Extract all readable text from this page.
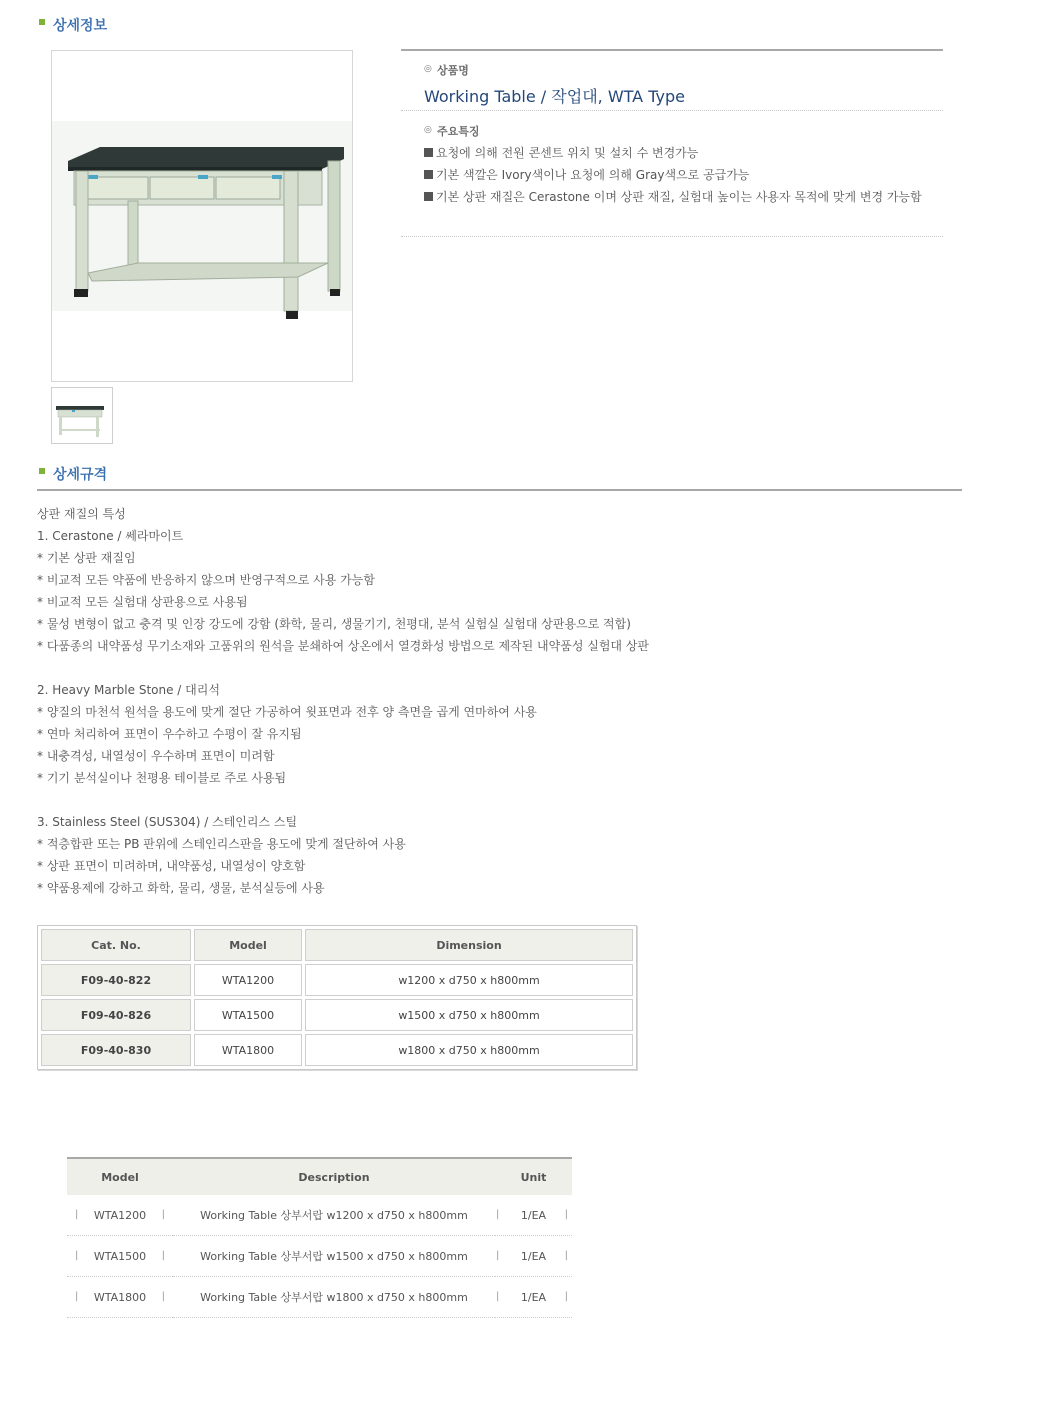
상세정보
◎ 상품명
Working Table / 작업대, WTA Type
◎ 주요특징
요청에 의해 전원 콘센트 위치 및 설치 수 변경가능
기본 색깔은 Ivory색이나 요청에 의해 Gray색으로 공급가능
기본 상판 재질은 Cerastone 이며 상판 재질, 실험대 높이는 사용자 목적에 맞게 변경 가능함
상세규격
상판 재질의 특성
1. Cerastone / 쎄라마이트
* 기본 상판 재질임
* 비교적 모든 약품에 반응하지 않으며 반영구적으로 사용 가능함
* 비교적 모든 실험대 상판용으로 사용됨
* 물성 변형이 없고 충격 및 인장 강도에 강함 (화학, 물리, 생물기기, 천평대, 분석 실험실 실험대 상판용으로 적합)
* 다품종의 내약품성 무기소재와 고품위의 원석을 분쇄하여 상온에서 열경화성 방법으로 제작된 내약품성 실험대 상판
2. Heavy Marble Stone / 대리석
* 양질의 마천석 원석을 용도에 맞게 절단 가공하여 윗표면과 전후 양 측면을 곱게 연마하여 사용
* 연마 처리하여 표면이 우수하고 수평이 잘 유지됨
* 내충격성, 내열성이 우수하며 표면이 미려함
* 기기 분석실이나 천평용 테이블로 주로 사용됨
3. Stainless Steel (SUS304) / 스테인리스 스틸
* 적층합판 또는 PB 판위에 스테인리스판을 용도에 맞게 절단하여 사용
* 상판 표면이 미려하며, 내약품성, 내열성이 양호함
* 약품용제에 강하고 화학, 물리, 생물, 분석실등에 사용
Cat. No.	Model	Dimension
F09-40-822	WTA1200	w1200 x d750 x h800mm
F09-40-826	WTA1500	w1500 x d750 x h800mm
F09-40-830	WTA1800	w1800 x d750 x h800mm
Model	Description	Unit

| WTA1200 |	Working Table 상부서랍 w1200 x d750 x h800mm	| 1/EA |

| WTA1500 |	Working Table 상부서랍 w1500 x d750 x h800mm	| 1/EA |

| WTA1800 |	Working Table 상부서랍 w1800 x d750 x h800mm	| 1/EA |
